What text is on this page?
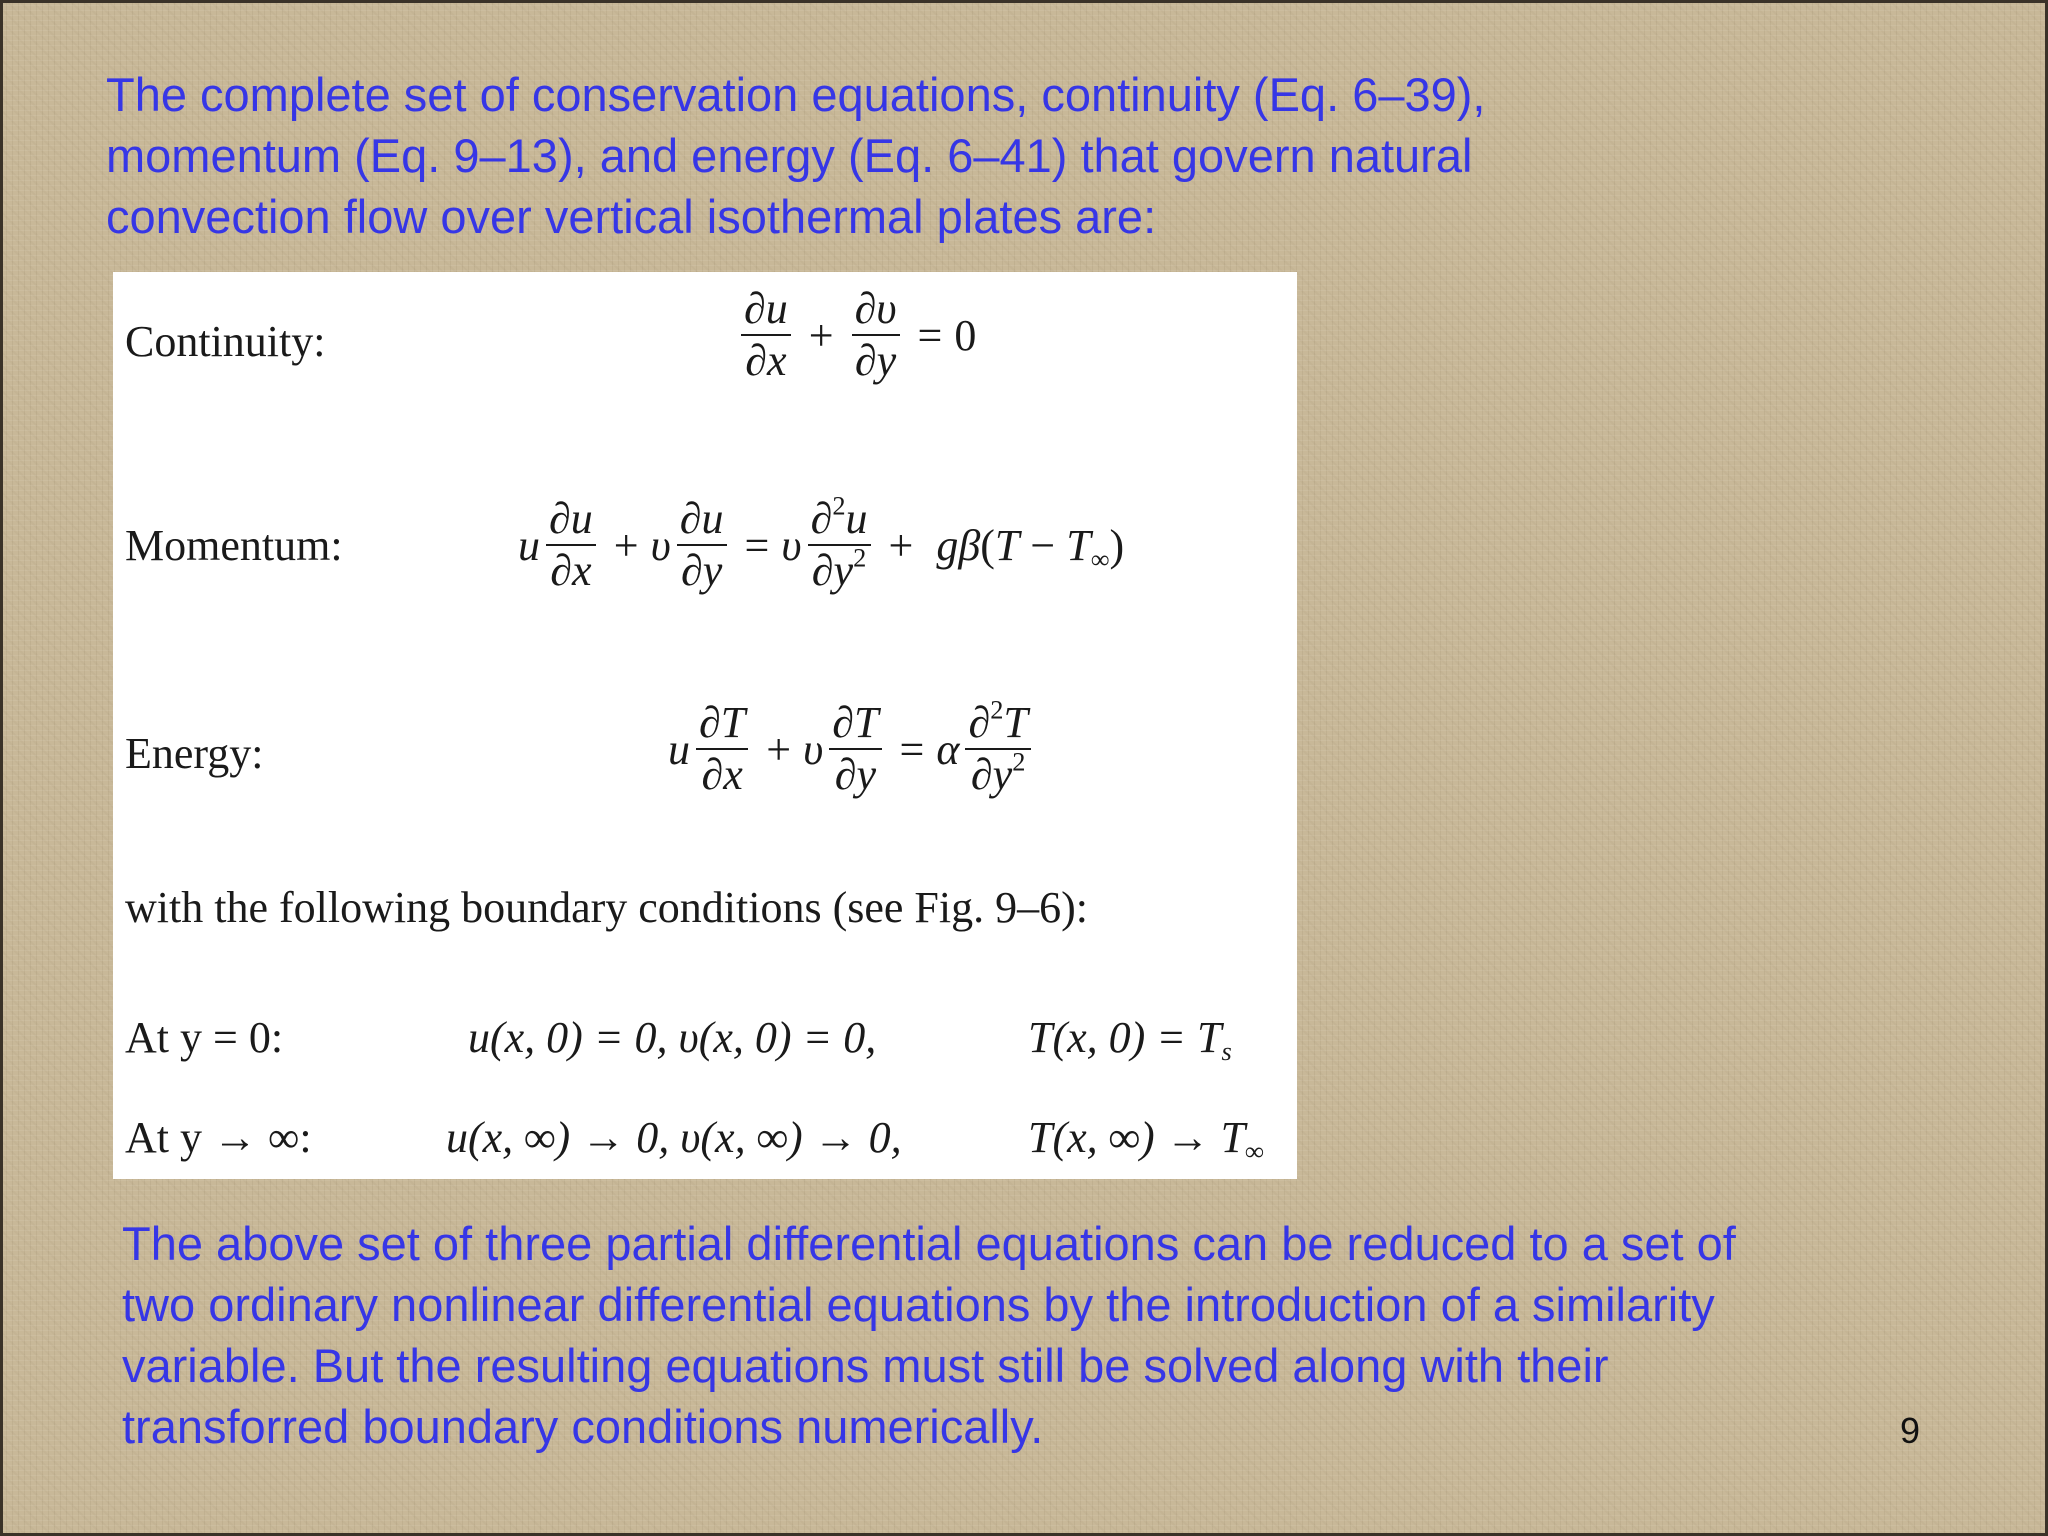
The complete set of conservation equations, continuity (Eq. 6–39), momentum (Eq. 9–13), and energy (Eq. 6–41) that govern natural convection flow over vertical isothermal plates are:

Continuity:	$\frac{\partial u}{\partial x} + \frac{\partial\upsilon}{\partial y} = 0$
Momentum:	u $\frac{\partial u}{\partial x} + \upsilon \frac{\partial u}{\partial y} = \upsilon \frac{\partial^2u}{\partial y^2} + g\beta(T - T_\infty)$
Energy:	u $\frac{\partial T}{\partial x} + \upsilon \frac{\partial T}{\partial y} = \alpha \frac{\partial^2T}{\partial y^2}$
with the following boundary conditions (see Fig. 9–6):
At y = 0:	u(x, 0) = 0, υ(x, 0) = 0,	T(x, $0) = T_s$
At y → ∞:	u(x, ∞) → 0, υ(x, ∞) → 0,	T(x, ∞) → $T_\infty$

The above set of three partial differential equations can be reduced to a set of two ordinary nonlinear differential equations by the introduction of a similarity variable. But the resulting equations must still be solved along with their transforred boundary conditions numerically.	9
